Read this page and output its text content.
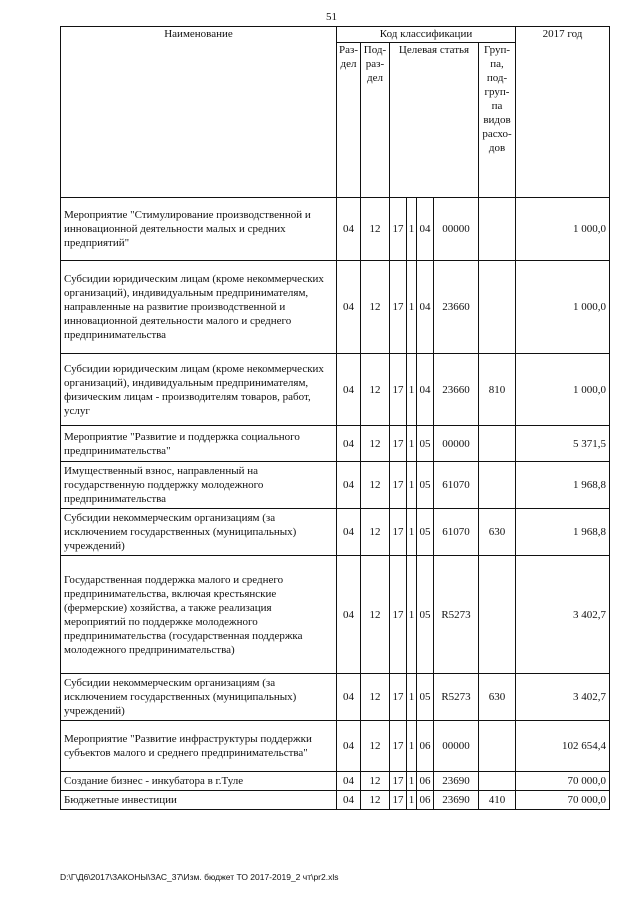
51
Наименование	Код классификации							2017 год
	Раз- дел	Под- раз- дел	Целевая статья				Груп- па, под- груп- па видов расхо- дов	
Мероприятие "Стимулирование производственной и инновационной деятельности малых и средних предприятий"	04	12	17	1	04	00000		1 000,0
Субсидии юридическим лицам (кроме некоммерческих организаций), индивидуальным предпринимателям, направленные на развитие производственной и инновационной деятельности малого и среднего предпринимательства	04	12	17	1	04	23660		1 000,0
Субсидии юридическим лицам (кроме некоммерческих организаций), индивидуальным предпринимателям, физическим лицам - производителям товаров, работ, услуг	04	12	17	1	04	23660	810	1 000,0
Мероприятие "Развитие и поддержка социального предпринимательства"	04	12	17	1	05	00000		5 371,5
Имущественный взнос, направленный на государственную поддержку молодежного предпринимательства	04	12	17	1	05	61070		1 968,8
Субсидии некоммерческим организациям (за исключением государственных (муниципальных) учреждений)	04	12	17	1	05	61070	630	1 968,8
Государственная поддержка малого и среднего предпринимательства, включая крестьянские (фермерские) хозяйства, а также реализация мероприятий по поддержке молодежного предпринимательства (государственная поддержка молодежного предпринимательства)	04	12	17	1	05	R5273		3 402,7
Субсидии некоммерческим организациям (за исключением государственных (муниципальных) учреждений)	04	12	17	1	05	R5273	630	3 402,7
Мероприятие "Развитие инфраструктуры поддержки субъектов малого и среднего предпринимательства"	04	12	17	1	06	00000		102 654,4
Создание бизнес - инкубатора в г.Туле	04	12	17	1	06	23690		70 000,0
Бюджетные инвестиции	04	12	17	1	06	23690	410	70 000,0
D:\Г\Д6\2017\ЗАКОНЫ\ЗАС_37\Изм. бюджет ТО 2017-2019_2 чт\pr2.xls
